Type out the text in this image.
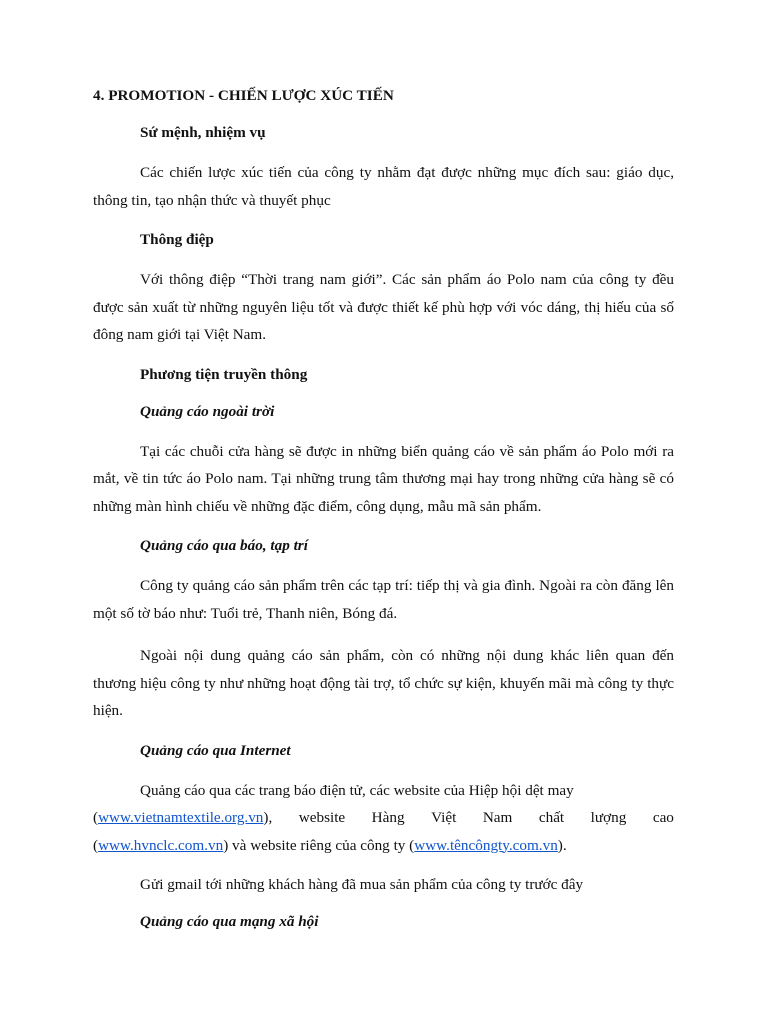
4. PROMOTION - CHIẾN LƯỢC XÚC TIẾN

Sứ mệnh, nhiệm vụ

Các chiến lược xúc tiến của công ty nhằm đạt được những mục đích sau: giáo dục, thông tin, tạo nhận thức và thuyết phục

Thông điệp

Với thông điệp “Thời trang nam giới”. Các sản phẩm áo Polo nam của công ty đều được sản xuất từ những nguyên liệu tốt và được thiết kế phù hợp với vóc dáng, thị hiếu của số đông nam giới tại Việt Nam.

Phương tiện truyền thông

Quảng cáo ngoài trời

Tại các chuỗi cửa hàng sẽ được in những biển quảng cáo về sản phẩm áo Polo mới ra mắt, về tin tức áo Polo nam. Tại những trung tâm thương mại hay trong những cửa hàng sẽ có những màn hình chiếu về những đặc điểm, công dụng, mẫu mã sản phẩm.

Quảng cáo qua báo, tạp trí

Công ty quảng cáo sản phẩm trên các tạp trí: tiếp thị và gia đình. Ngoài ra còn đăng lên một số tờ báo như: Tuổi trẻ, Thanh niên, Bóng đá.

Ngoài nội dung quảng cáo sản phẩm, còn có những nội dung khác liên quan đến thương hiệu công ty như những hoạt động tài trợ, tổ chức sự kiện, khuyến mãi mà công ty thực hiện.

Quảng cáo qua Internet

Quảng cáo qua các trang báo điện tử, các website của Hiệp hội dệt may
(www.vietnamtextile.org.vn), website Hàng Việt Nam chất lượng cao
(www.hvnclc.com.vn) và website riêng của công ty (www.têncôngty.com.vn).

Gửi gmail tới những khách hàng đã mua sản phẩm của công ty trước đây

Quảng cáo qua mạng xã hội
